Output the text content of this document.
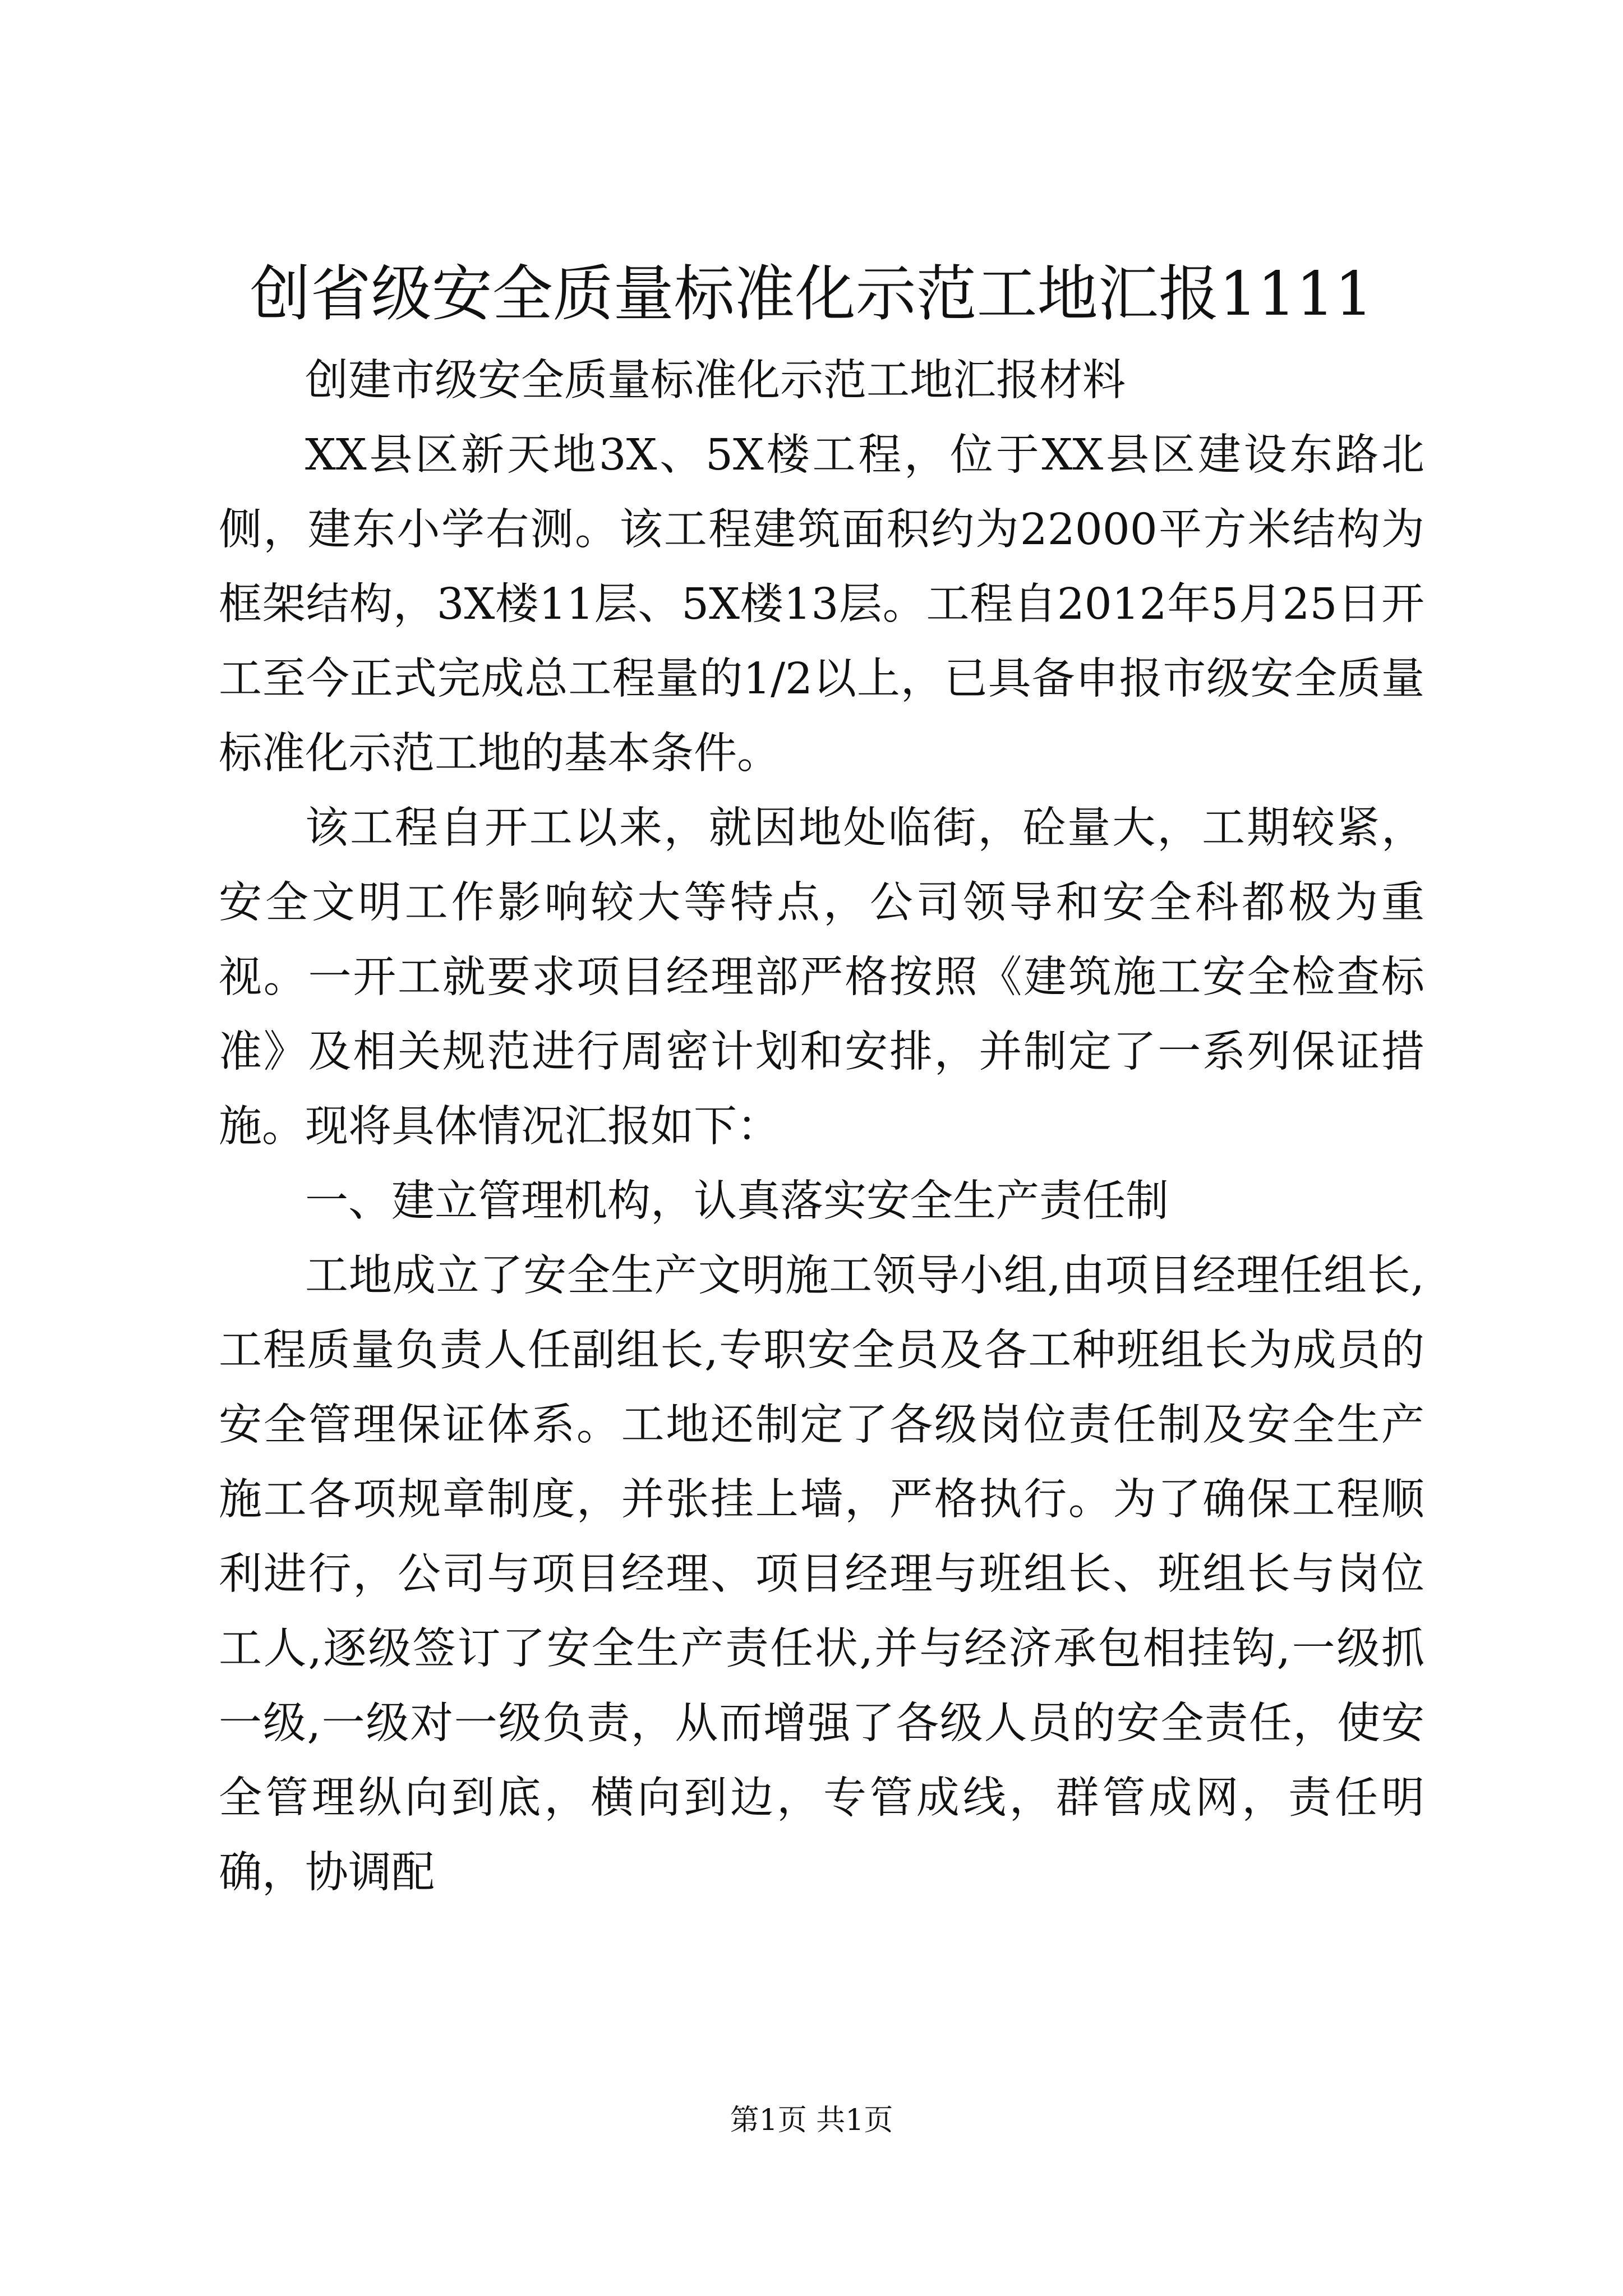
创省级安全质量标准化示范工地汇报1111

创建市级安全质量标准化示范工地汇报材料

XX县区新天地3X、5X楼工程，位于XX县区建设东路北侧，建东小学右测。该工程建筑面积约为22000平方米结构为框架结构，3X楼11层、5X楼13层。工程自2012年5月25日开工至今正式完成总工程量的1/2以上，已具备申报市级安全质量标准化示范工地的基本条件。

该工程自开工以来，就因地处临街，砼量大，工期较紧，安全文明工作影响较大等特点，公司领导和安全科都极为重视。一开工就要求项目经理部严格按照《建筑施工安全检查标准》及相关规范进行周密计划和安排，并制定了一系列保证措施。现将具体情况汇报如下：

一、建立管理机构，认真落实安全生产责任制

工地成立了安全生产文明施工领导小组,由项目经理任组长,工程质量负责人任副组长,专职安全员及各工种班组长为成员的安全管理保证体系。工地还制定了各级岗位责任制及安全生产施工各项规章制度，并张挂上墙，严格执行。为了确保工程顺利进行，公司与项目经理、项目经理与班组长、班组长与岗位工人,逐级签订了安全生产责任状,并与经济承包相挂钩,一级抓一级,一级对一级负责，从而增强了各级人员的安全责任，使安全管理纵向到底，横向到边，专管成线，群管成网，责任明确，协调配

第1页 共1页
